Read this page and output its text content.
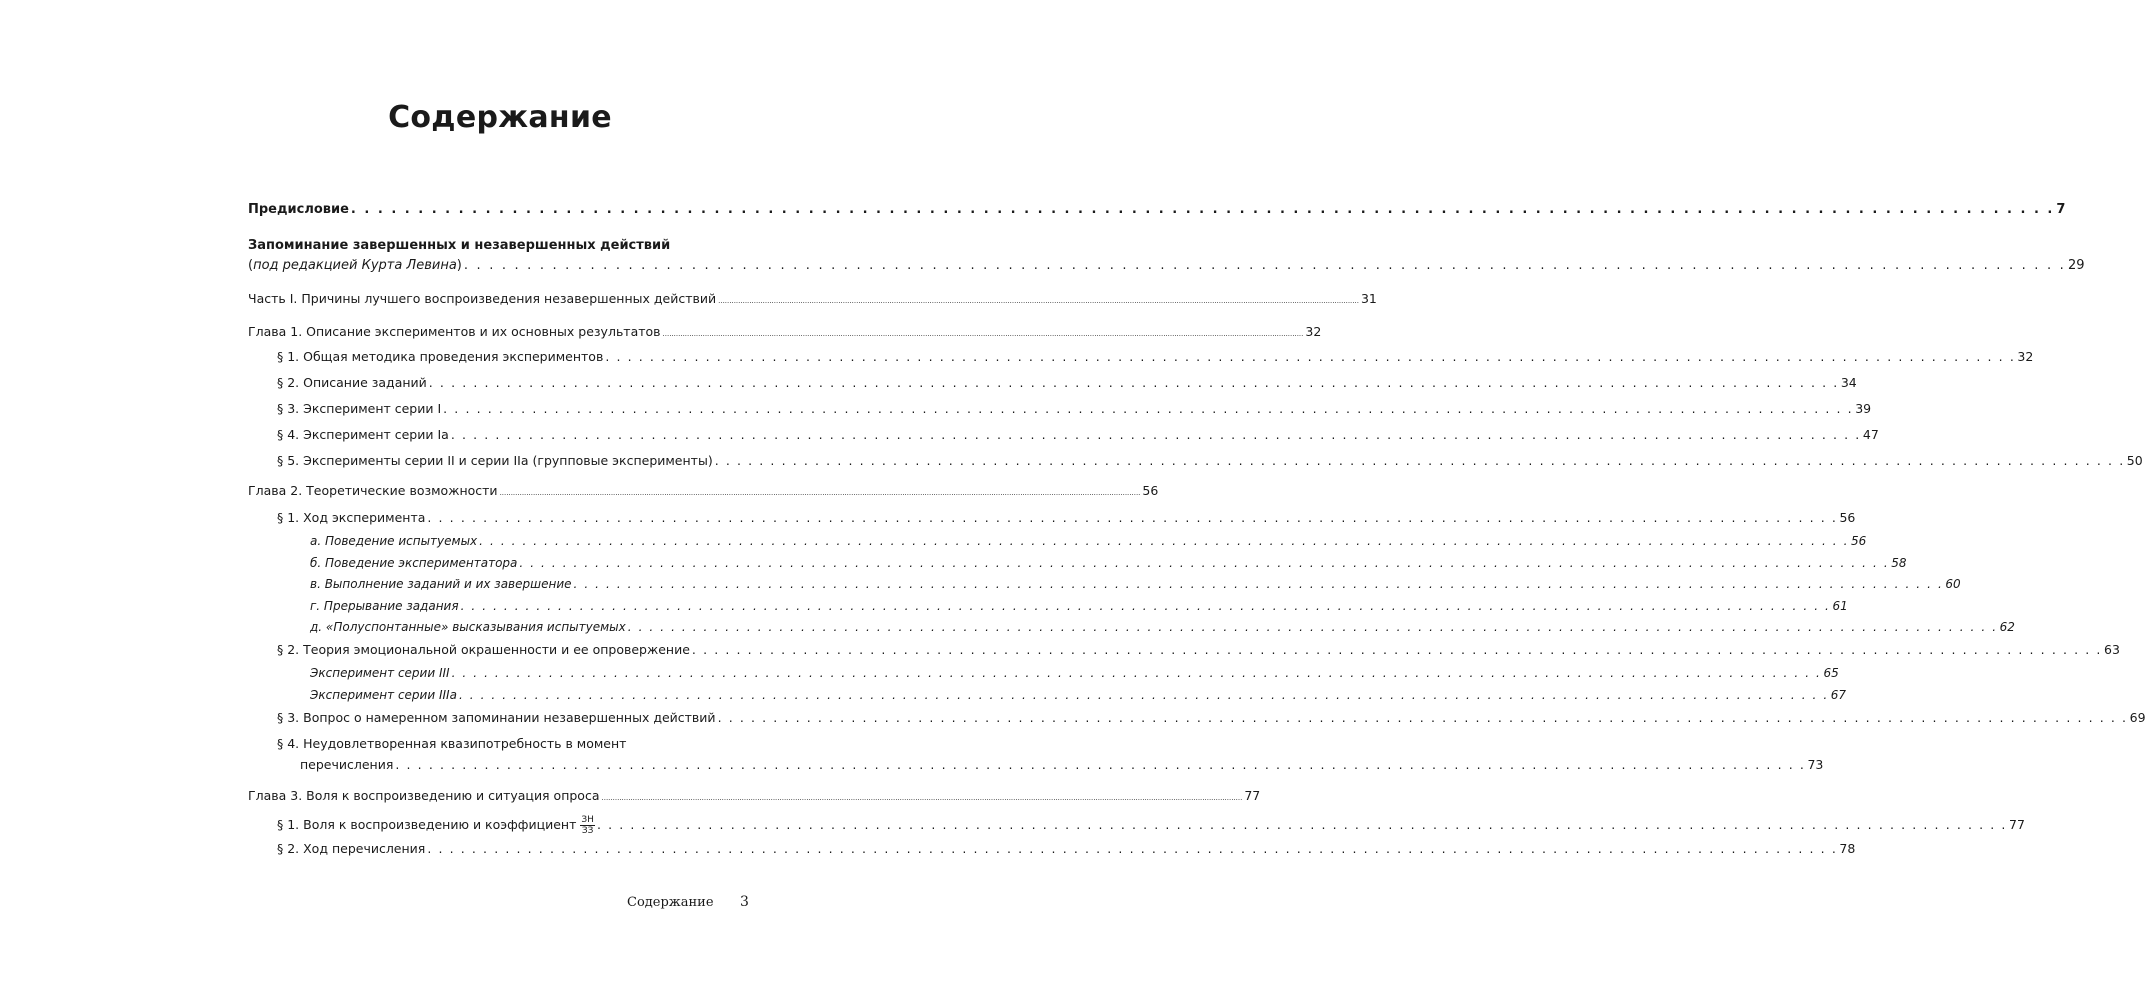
Содержание
Предисловие . . .	7
Запоминание завершенных и незавершенных действий
(под редакцией Курта Левина) . . .	29
Часть I. Причины лучшего воспроизведения незавершенных действий .....	31
Глава 1. Описание экспериментов и их основных результатов .....	32
§ 1. Общая методика проведения экспериментов . . .	32
§ 2. Описание заданий . . .	34
§ 3. Эксперимент серии I . . .	39
§ 4. Эксперимент серии Iа . . .	47
§ 5. Эксперименты серии II и серии IIа (групповые эксперименты) . . .	50
Глава 2. Теоретические возможности .....	56
§ 1. Ход эксперимента . . .	56
а. Поведение испытуемых . . .	56
б. Поведение экспериментатора . . .	58
в. Выполнение заданий и их завершение . . .	60
г. Прерывание задания . . .	61
д. «Полуспонтанные» высказывания испытуемых . . .	62
§ 2. Теория эмоциональной окрашенности и ее опровержение . . .	63
Эксперимент серии III . . .	65
Эксперимент серии IIIа . . .	67
§ 3. Вопрос о намеренном запоминании незавершенных действий . . .	69
§ 4. Неудовлетворенная квазипотребность в момент
перечисления . . .	73
Глава 3. Воля к воспроизведению и ситуация опроса .....	77
§ 1. Воля к воспроизведению и коэффициент $\frac{ЗН}{ЗЗ}$ . . .	77
§ 2. Ход перечисления . . .	78
Содержание 3
